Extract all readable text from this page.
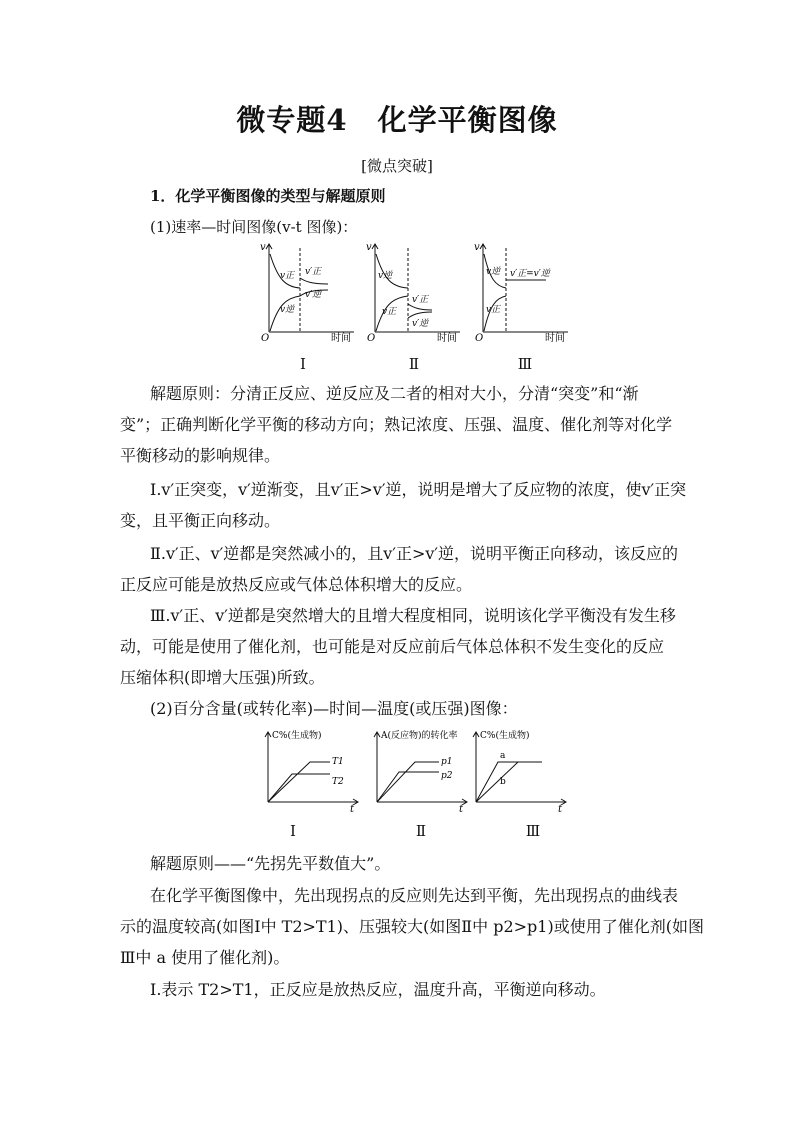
微专题4　化学平衡图像
[微点突破]
1．化学平衡图像的类型与解题原则
(1)速率—时间图像(v-t 图像)：
v
O	时间
v正
v逆
v′正
v′逆
v
O	时间
v逆
v正
v′正
v′逆
v
O	时间
v逆
v正
v′正=v′逆
Ⅰ	Ⅱ	Ⅲ
解题原则：分清正反应、逆反应及二者的相对大小，分清“突变”和“渐
变”；正确判断化学平衡的移动方向；熟记浓度、压强、温度、催化剂等对化学
平衡移动的影响规律。
Ⅰ.v′正突变，v′逆渐变，且v′正>v′逆，说明是增大了反应物的浓度，使v′正突
变，且平衡正向移动。
Ⅱ.v′正、v′逆都是突然减小的，且v′正>v′逆，说明平衡正向移动，该反应的
正反应可能是放热反应或气体总体积增大的反应。
Ⅲ.v′正、v′逆都是突然增大的且增大程度相同，说明该化学平衡没有发生移
动，可能是使用了催化剂，也可能是对反应前后气体总体积不发生变化的反应
压缩体积(即增大压强)所致。
(2)百分含量(或转化率)—时间—温度(或压强)图像：
C%(生成物)
t
T1
T2
A(反应物)的转化率
t
p1
p2
C%(生成物)
t
a
b
Ⅰ	Ⅱ	Ⅲ
解题原则——“先拐先平数值大”。
在化学平衡图像中，先出现拐点的反应则先达到平衡，先出现拐点的曲线表
示的温度较高(如图Ⅰ中 T2>T1)、压强较大(如图Ⅱ中 p2>p1)或使用了催化剂(如图
Ⅲ中 a 使用了催化剂)。
Ⅰ.表示 T2>T1，正反应是放热反应，温度升高，平衡逆向移动。
